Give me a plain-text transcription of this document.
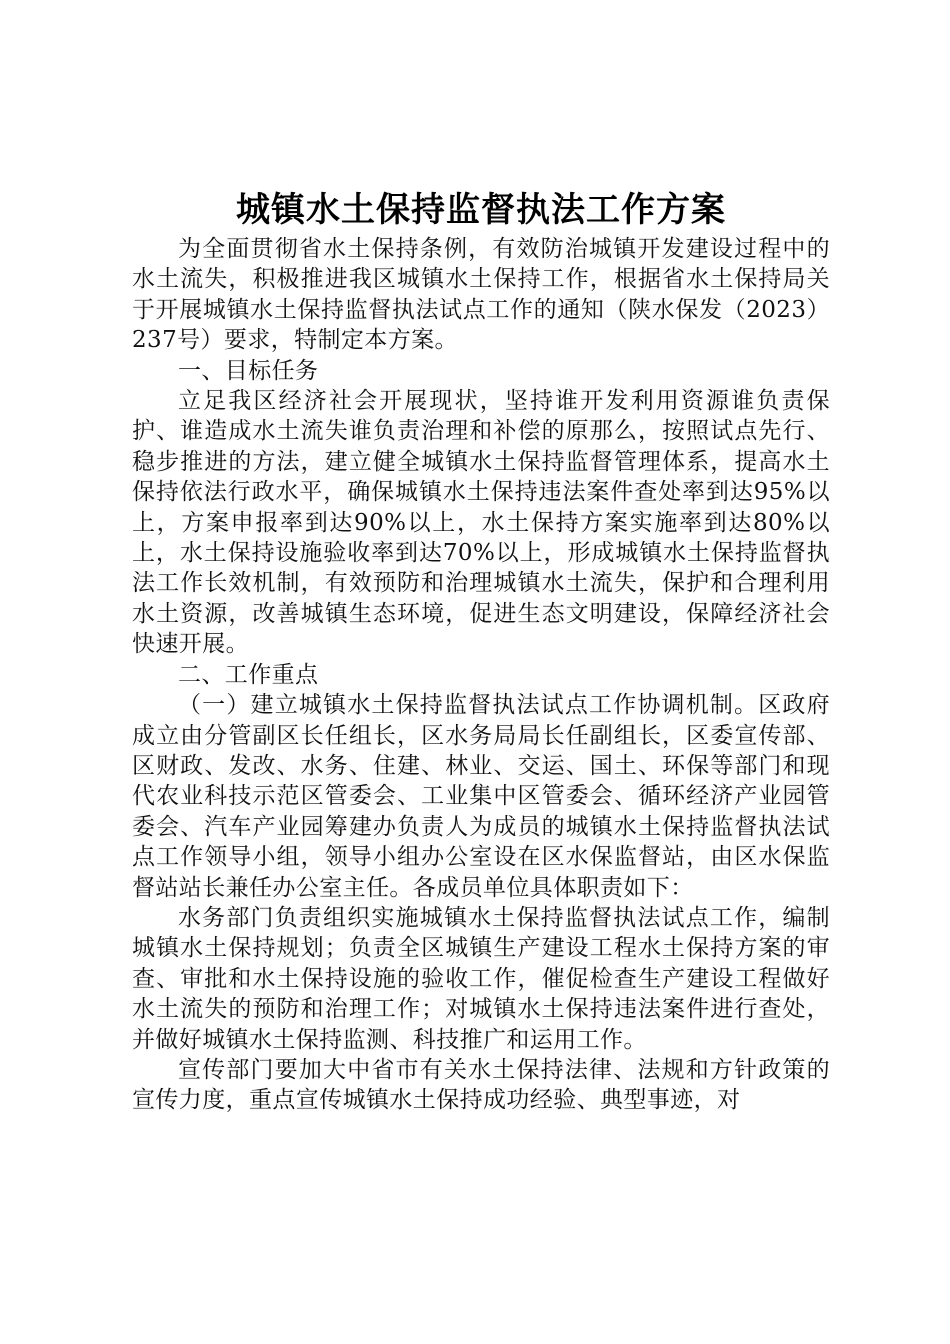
城镇水土保持监督执法工作方案

为全面贯彻省水土保持条例，有效防治城镇开发建设过程中的水土流失，积极推进我区城镇水土保持工作，根据省水土保持局关于开展城镇水土保持监督执法试点工作的通知（陕水保发（2023）237号）要求，特制定本方案。

一、目标任务

立足我区经济社会开展现状，坚持谁开发利用资源谁负责保护、谁造成水土流失谁负责治理和补偿的原那么，按照试点先行、稳步推进的方法，建立健全城镇水土保持监督管理体系，提高水土保持依法行政水平，确保城镇水土保持违法案件查处率到达95%以上，方案申报率到达90%以上，水土保持方案实施率到达80%以上，水土保持设施验收率到达70%以上，形成城镇水土保持监督执法工作长效机制，有效预防和治理城镇水土流失，保护和合理利用水土资源，改善城镇生态环境，促进生态文明建设，保障经济社会快速开展。

二、工作重点

（一）建立城镇水土保持监督执法试点工作协调机制。区政府成立由分管副区长任组长，区水务局局长任副组长，区委宣传部、区财政、发改、水务、住建、林业、交运、国土、环保等部门和现代农业科技示范区管委会、工业集中区管委会、循环经济产业园管委会、汽车产业园筹建办负责人为成员的城镇水土保持监督执法试点工作领导小组，领导小组办公室设在区水保监督站，由区水保监督站站长兼任办公室主任。各成员单位具体职责如下：

水务部门负责组织实施城镇水土保持监督执法试点工作，编制城镇水土保持规划；负责全区城镇生产建设工程水土保持方案的审查、审批和水土保持设施的验收工作，催促检查生产建设工程做好水土流失的预防和治理工作；对城镇水土保持违法案件进行查处，并做好城镇水土保持监测、科技推广和运用工作。

宣传部门要加大中省市有关水土保持法律、法规和方针政策的宣传力度，重点宣传城镇水土保持成功经验、典型事迹，对
